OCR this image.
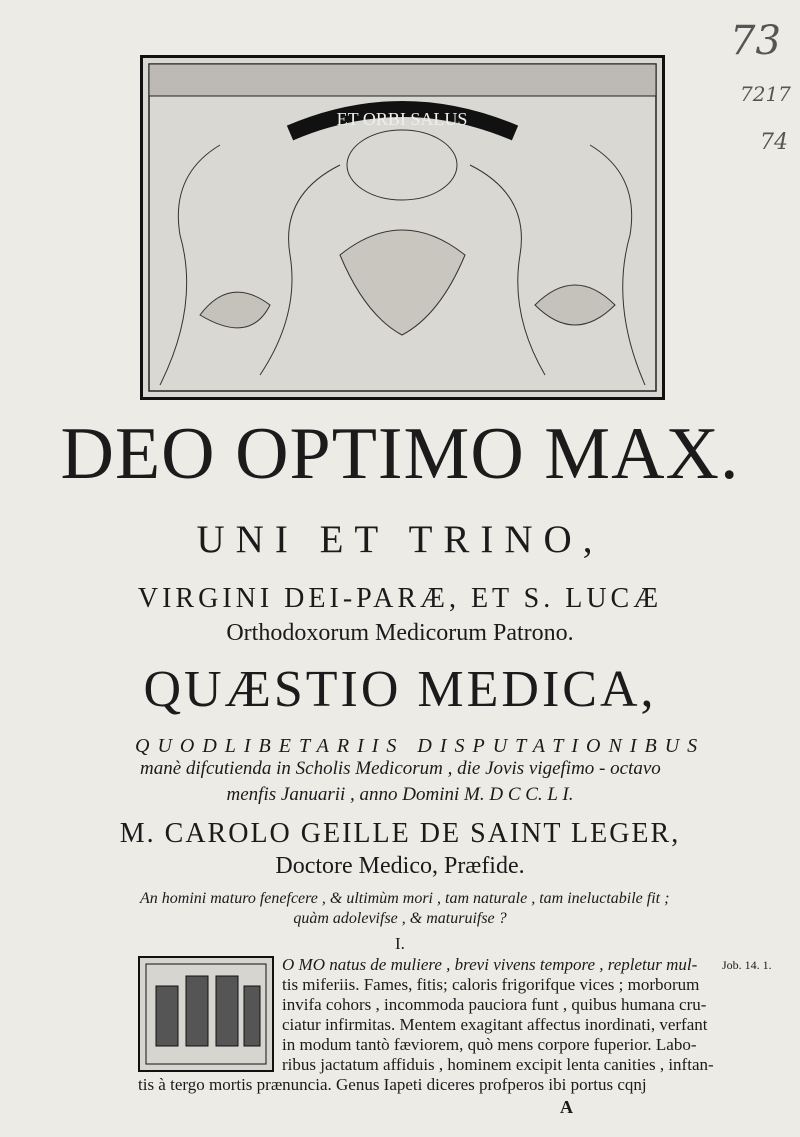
73
7217
74
ET ORBI SALUS
DEO OPTIMO MAX.
UNI ET TRINO,
VIRGINI DEI-PARÆ, ET S. LUCÆ
Orthodoxorum Medicorum Patrono.
QUÆSTIO MEDICA,
QUODLIBETARIIS DISPUTATIONIBUS
manè difcutienda in Scholis Medicorum , die Jovis vigefimo - octavo
menfis Januarii , anno Domini M. D C C. L I.
M. CAROLO GEILLE DE SAINT LEGER,
Doctore Medico, Præfide.
An homini maturo fenefcere , & ultimùm mori , tam naturale , tam ineluctabile fit ;
quàm adolevifse , & maturuifse ?
I.
O MO natus de muliere , brevi vivens tempore , repletur mul-
tis miferiis. Fames, fitis; caloris frigorifque vices ; morborum
invifa cohors , incommoda pauciora funt , quibus humana cru-
ciatur infirmitas. Mentem exagitant affectus inordinati, verfant
in modum tantò fæviorem, quò mens corpore fuperior. Labo-
ribus jactatum affiduis , hominem excipit lenta canities , inftan-
tis à tergo mortis prænuncia. Genus Iapeti diceres profperos ibi portus cqnj
A
Job. 14. 1.
